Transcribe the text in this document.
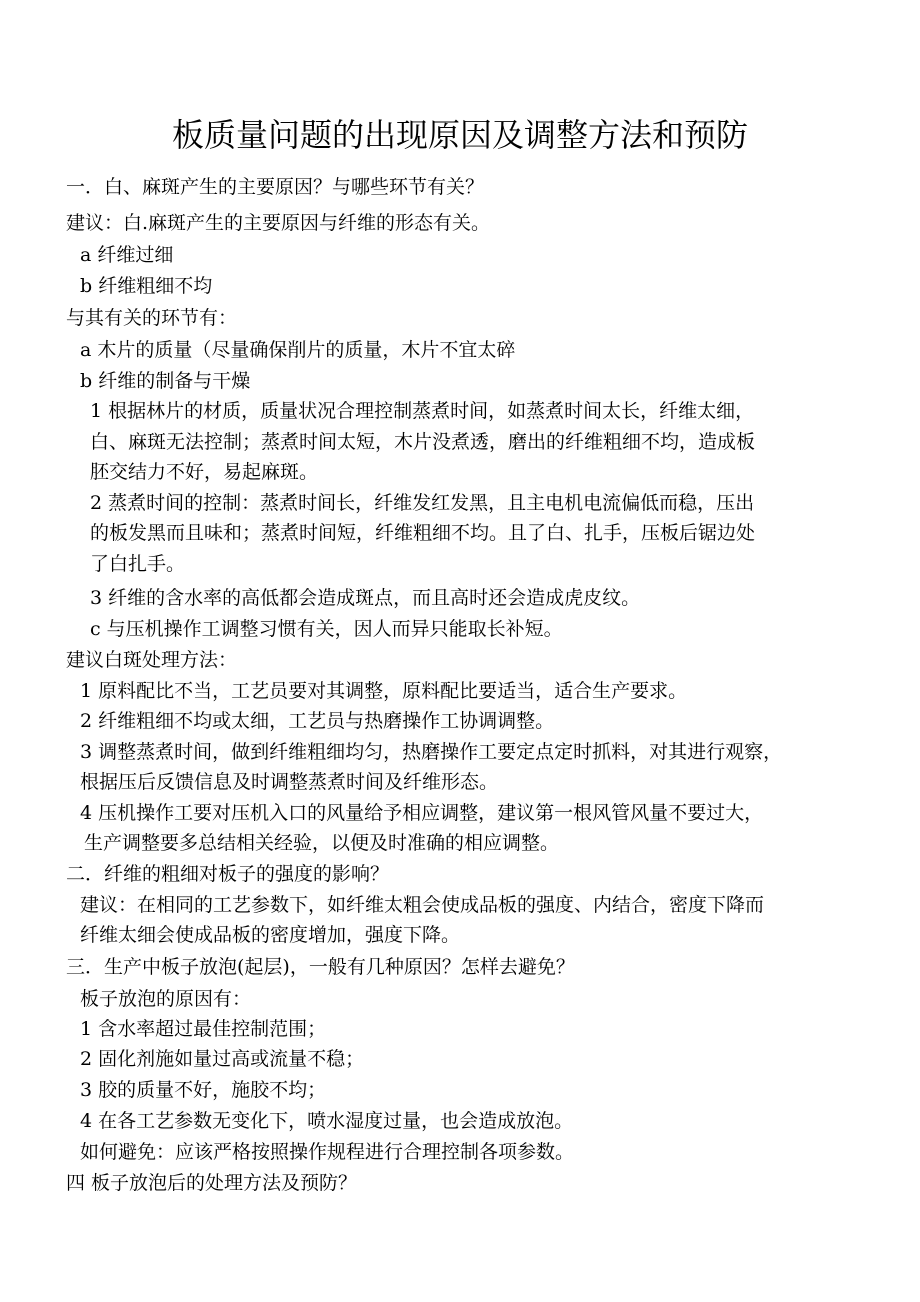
板质量问题的出现原因及调整方法和预防
一．白、麻斑产生的主要原因？与哪些环节有关？
建议：白.麻斑产生的主要原因与纤维的形态有关。
a 纤维过细
b 纤维粗细不均
与其有关的环节有：
a 木片的质量（尽量确保削片的质量，木片不宜太碎
b 纤维的制备与干燥
1 根据林片的材质，质量状况合理控制蒸煮时间，如蒸煮时间太长，纤维太细，
白、麻斑无法控制；蒸煮时间太短，木片没煮透，磨出的纤维粗细不均，造成板
胚交结力不好，易起麻斑。
2 蒸煮时间的控制：蒸煮时间长，纤维发红发黑，且主电机电流偏低而稳，压出
的板发黑而且味和；蒸煮时间短，纤维粗细不均。且了白、扎手，压板后锯边处
了白扎手。
3 纤维的含水率的高低都会造成斑点，而且高时还会造成虎皮纹。
c 与压机操作工调整习惯有关，因人而异只能取长补短。
建议白斑处理方法：
1 原料配比不当，工艺员要对其调整，原料配比要适当，适合生产要求。
2 纤维粗细不均或太细，工艺员与热磨操作工协调调整。
3 调整蒸煮时间，做到纤维粗细均匀，热磨操作工要定点定时抓料，对其进行观察，
根据压后反馈信息及时调整蒸煮时间及纤维形态。
4 压机操作工要对压机入口的风量给予相应调整，建议第一根风管风量不要过大，
生产调整要多总结相关经验，以便及时准确的相应调整。
二．纤维的粗细对板子的强度的影响？
建议：在相同的工艺参数下，如纤维太粗会使成品板的强度、内结合，密度下降而
纤维太细会使成品板的密度增加，强度下降。
三．生产中板子放泡(起层)，一般有几种原因？怎样去避免？
板子放泡的原因有：
1 含水率超过最佳控制范围；
2 固化剂施如量过高或流量不稳；
3 胶的质量不好，施胶不均；
4 在各工艺参数无变化下，喷水湿度过量，也会造成放泡。
如何避免：应该严格按照操作规程进行合理控制各项参数。
四 板子放泡后的处理方法及预防？
